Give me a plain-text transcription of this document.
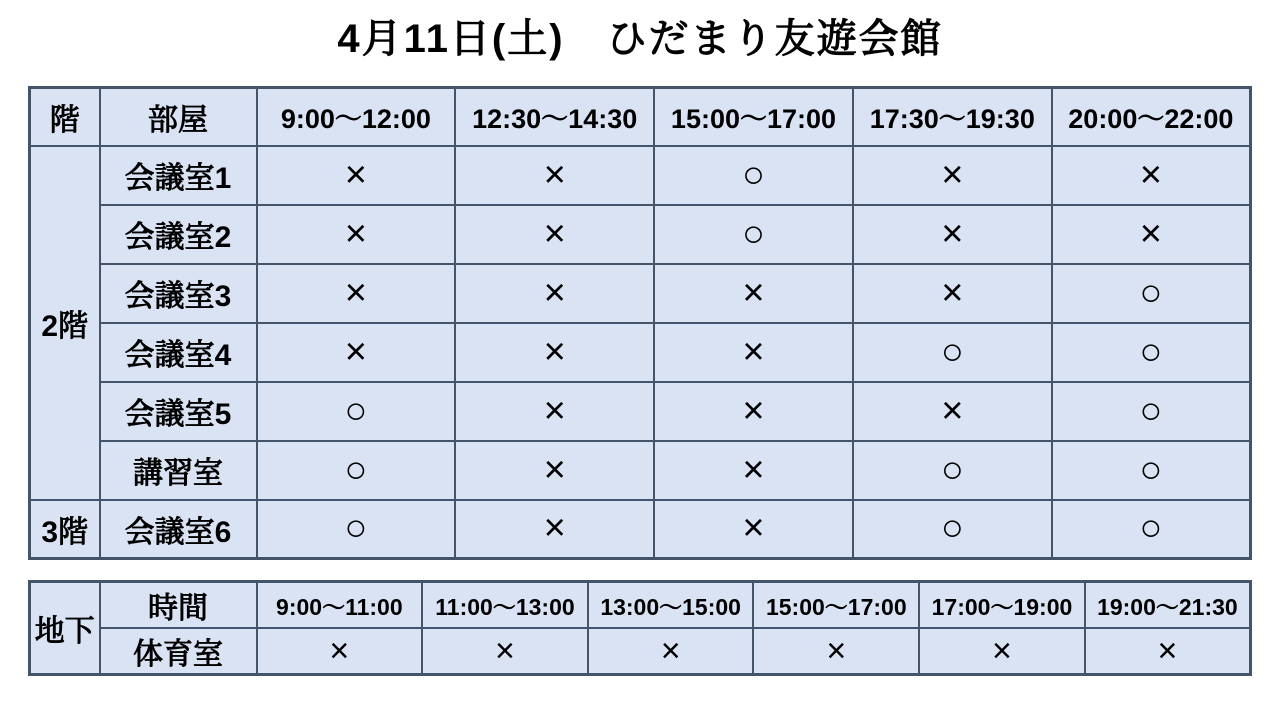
4月11日(土)　ひだまり友遊会館
階	部屋	9:00〜12:00	12:30〜14:30	15:00〜17:00	17:30〜19:30	20:00〜22:00
2階	会議室1	×	×	○	×	×
	会議室2	×	×	○	×	×
	会議室3	×	×	×	×	○
	会議室4	×	×	×	○	○
	会議室5	○	×	×	×	○
	講習室	○	×	×	○	○
3階	会議室6	○	×	×	○	○
地下	時間	9:00〜11:00	11:00〜13:00	13:00〜15:00	15:00〜17:00	17:00〜19:00	19:00〜21:30
	体育室	×	×	×	×	×	×
